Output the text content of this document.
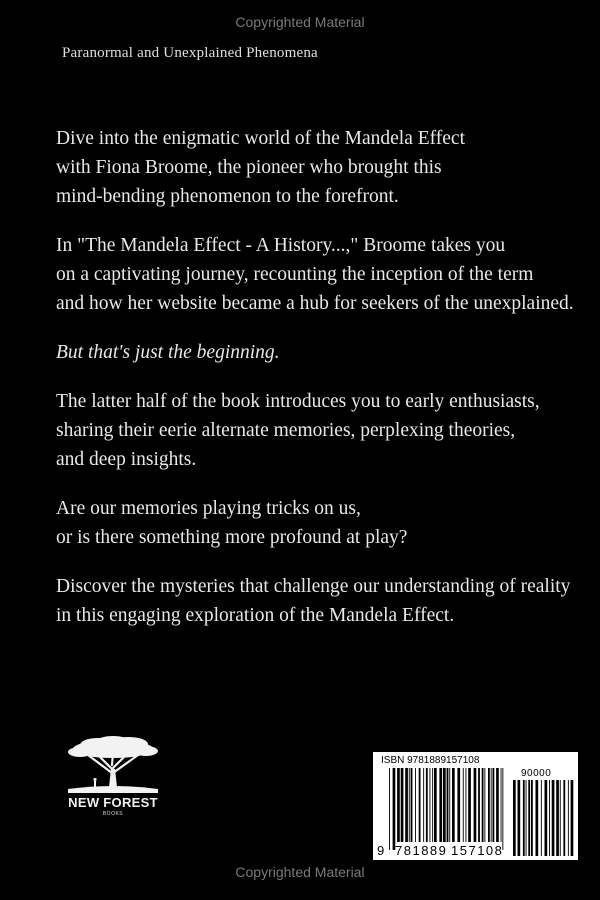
Copyrighted Material
Paranormal and Unexplained Phenomena

Dive into the enigmatic world of the Mandela Effect
with Fiona Broome, the pioneer who brought this
mind-bending phenomenon to the forefront.

In "The Mandela Effect - A History...," Broome takes you
on a captivating journey, recounting the inception of the term
and how her website became a hub for seekers of the unexplained.

But that's just the beginning.

The latter half of the book introduces you to early enthusiasts,
sharing their eerie alternate memories, perplexing theories,
and deep insights.

Are our memories playing tricks on us,
or is there something more profound at play?

Discover the mysteries that challenge our understanding of reality
in this engaging exploration of the Mandela Effect.

NEW FOREST
BOOKS
ISBN 9781889157108
90000
9 781889 157108
Copyrighted Material
